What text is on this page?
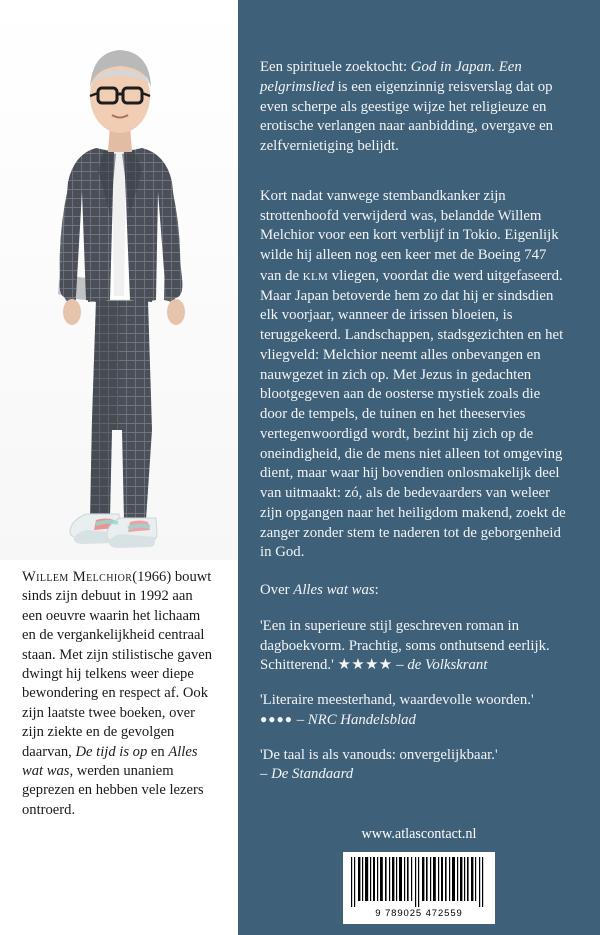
Willem Melchior(1966) bouwt sinds zijn debuut in 1992 aan een oeuvre waarin het lichaam en de vergankelijkheid centraal staan. Met zijn stilistische gaven dwingt hij telkens weer diepe bewondering en respect af. Ook zijn laatste twee boeken, over zijn ziekte en de gevolgen daarvan, De tijd is op en Alles wat was, werden unaniem geprezen en hebben vele lezers ontroerd.

Een spirituele zoektocht: God in Japan. Een pelgrimslied is een eigenzinnig reisverslag dat op even scherpe als geestige wijze het religieuze en erotische verlangen naar aanbidding, overgave en zelfvernietiging belijdt.

Kort nadat vanwege stembandkanker zijn strottenhoofd verwijderd was, belandde Willem Melchior voor een kort verblijf in Tokio. Eigenlijk wilde hij alleen nog een keer met de Boeing 747 van de klm vliegen, voordat die werd uitgefaseerd. Maar Japan betoverde hem zo dat hij er sindsdien elk voorjaar, wanneer de irissen bloeien, is teruggekeerd. Landschappen, stadsgezichten en het vliegveld: Melchior neemt alles onbevangen en nauwgezet in zich op. Met Jezus in gedachten blootgegeven aan de oosterse mystiek zoals die door de tempels, de tuinen en het theeservies vertegenwoordigd wordt, bezint hij zich op de oneindigheid, die de mens niet alleen tot omgeving dient, maar waar hij bovendien onlosmakelijk deel van uitmaakt: zó, als de bedevaarders van weleer zijn opgangen naar het heiligdom makend, zoekt de zanger zonder stem te naderen tot de geborgenheid in God.

Over Alles wat was:

'Een in superieure stijl geschreven roman in dagboekvorm. Prachtig, soms onthutsend eerlijk. Schitterend.' ★★★★ – de Volkskrant

'Literaire meesterhand, waardevolle woorden.'
●●●● – NRC Handelsblad

'De taal is als vanouds: onvergelijkbaar.'
– De Standaard

www.atlascontact.nl
9 789025 472559
